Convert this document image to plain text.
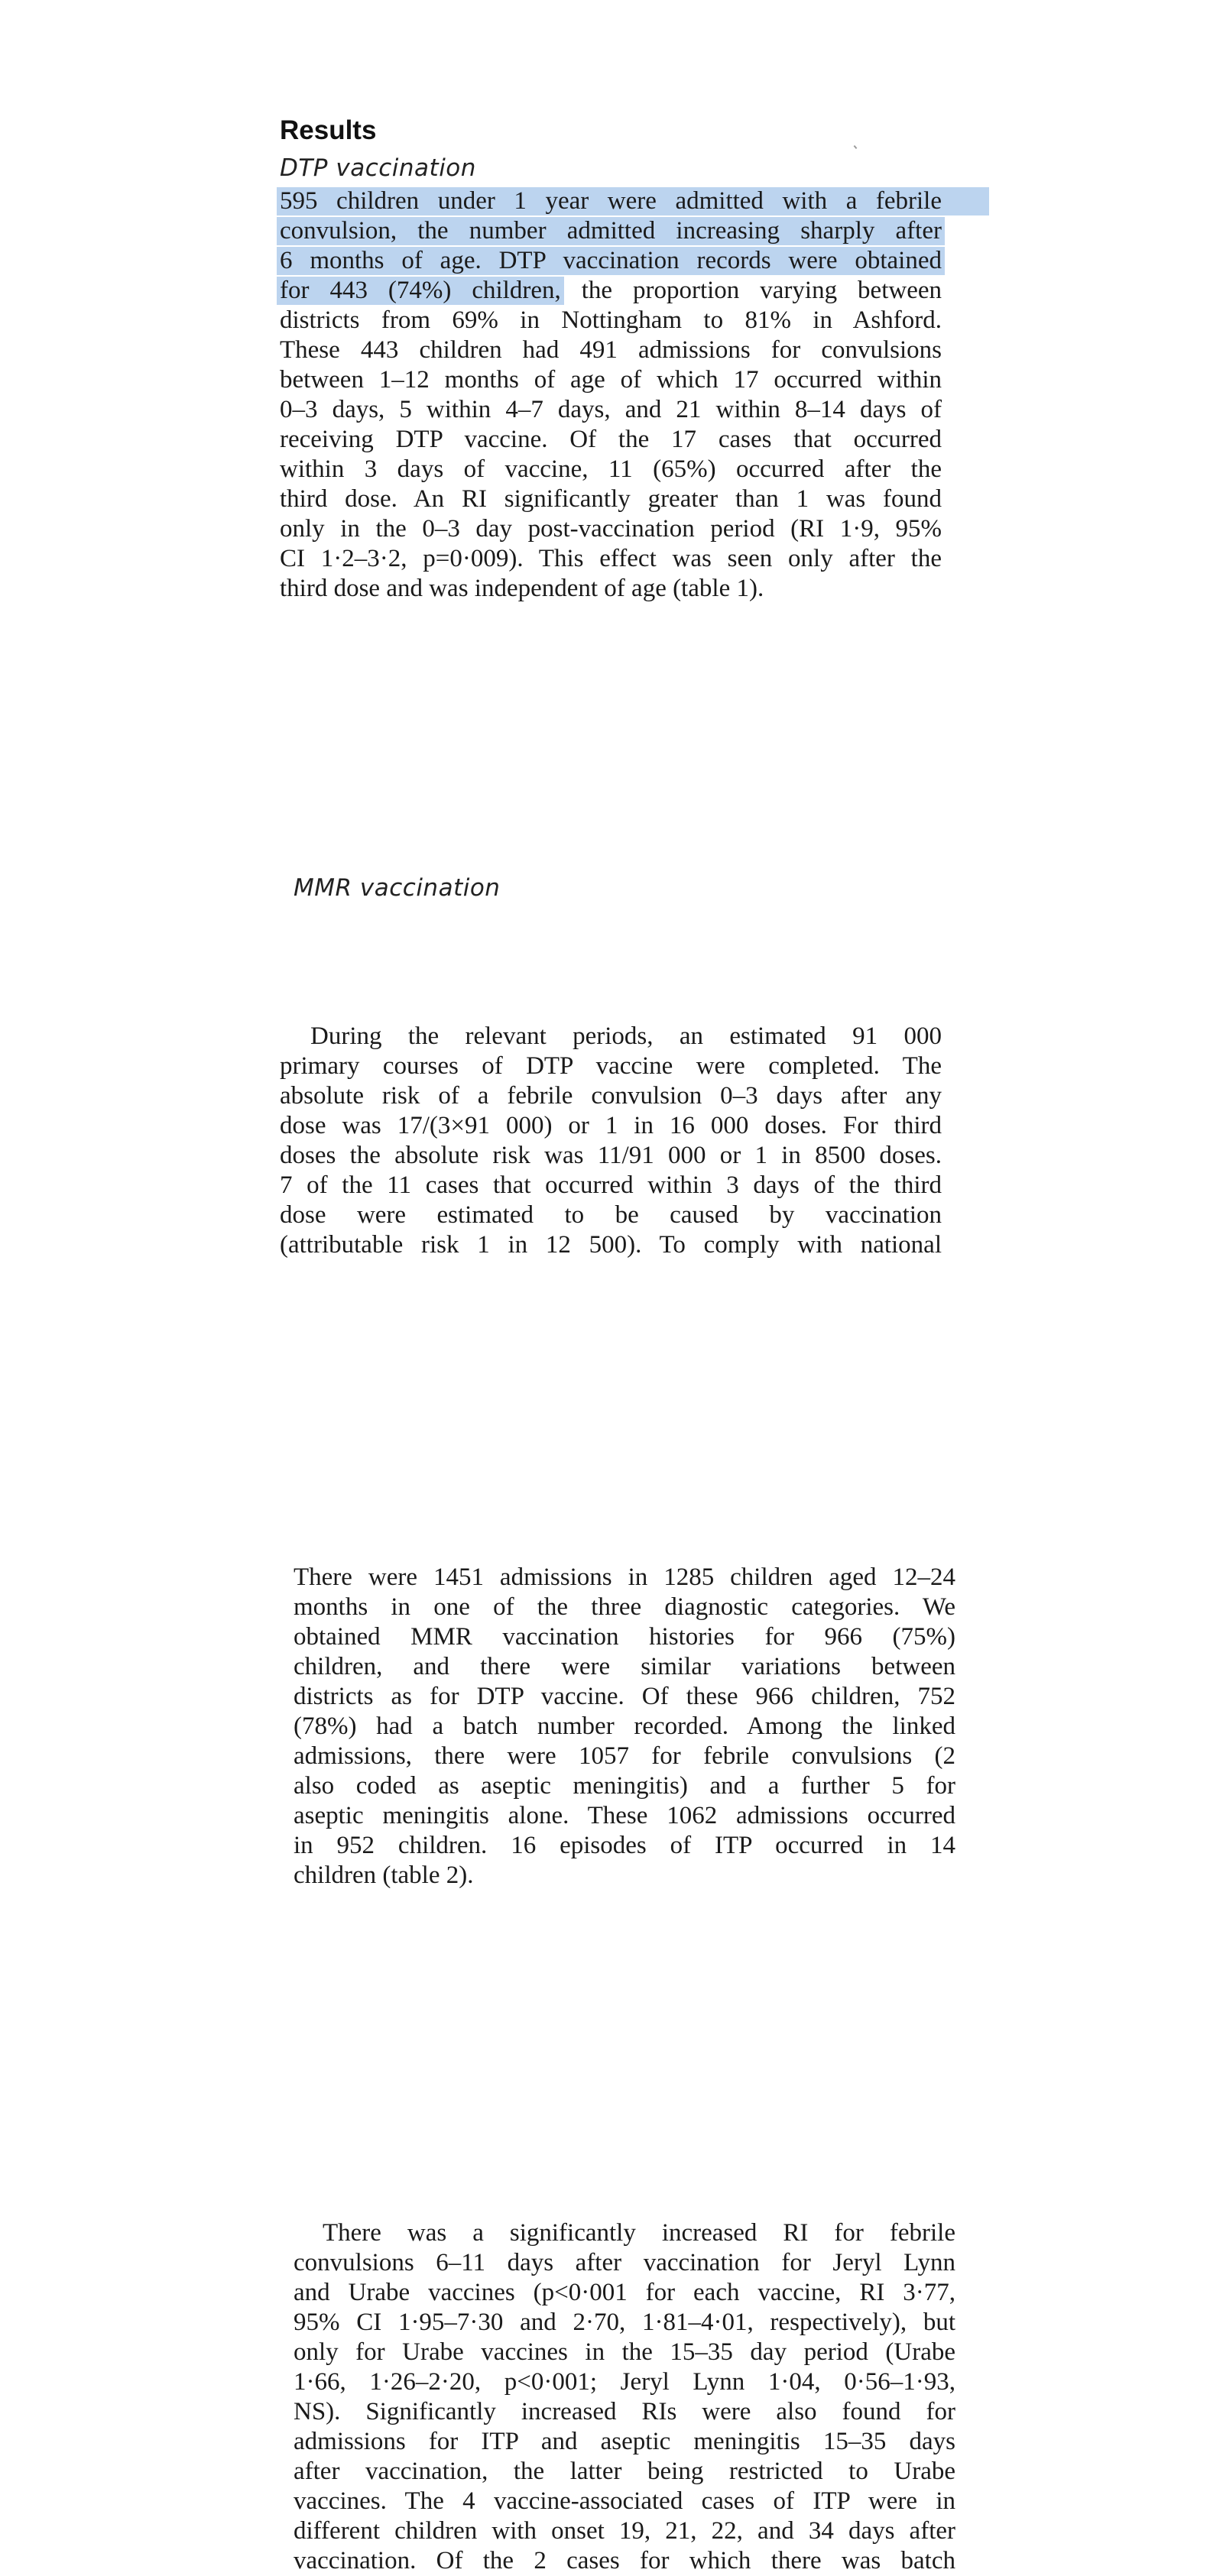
Results
DTP vaccination
595 children under 1 year were admitted with a febrile
convulsion, the number admitted increasing sharply after
6 months of age. DTP vaccination records were obtained
for 443 (74%) children, the proportion varying between
districts from 69% in Nottingham to 81% in Ashford.
These 443 children had 491 admissions for convulsions
between 1–12 months of age of which 17 occurred within
0–3 days, 5 within 4–7 days, and 21 within 8–14 days of
receiving DTP vaccine. Of the 17 cases that occurred
within 3 days of vaccine, 11 (65%) occurred after the
third dose. An RI significantly greater than 1 was found
only in the 0–3 day post-vaccination period (RI 1·9, 95%
CI 1·2–3·2, p=0·009). This effect was seen only after the
third dose and was independent of age (table 1).
During the relevant periods, an estimated 91 000
primary courses of DTP vaccine were completed. The
absolute risk of a febrile convulsion 0–3 days after any
dose was 17/(3×91 000) or 1 in 16 000 doses. For third
doses the absolute risk was 11/91 000 or 1 in 8500 doses.
7 of the 11 cases that occurred within 3 days of the third
dose were estimated to be caused by vaccination
(attributable risk 1 in 12 500). To comply with national
MMR vaccination
There were 1451 admissions in 1285 children aged 12–24
months in one of the three diagnostic categories. We
obtained MMR vaccination histories for 966 (75%)
children, and there were similar variations between
districts as for DTP vaccine. Of these 966 children, 752
(78%) had a batch number recorded. Among the linked
admissions, there were 1057 for febrile convulsions (2
also coded as aseptic meningitis) and a further 5 for
aseptic meningitis alone. These 1062 admissions occurred
in 952 children. 16 episodes of ITP occurred in 14
children (table 2).
There was a significantly increased RI for febrile
convulsions 6–11 days after vaccination for Jeryl Lynn
and Urabe vaccines (p<0·001 for each vaccine, RI 3·77,
95% CI 1·95–7·30 and 2·70, 1·81–4·01, respectively), but
only for Urabe vaccines in the 15–35 day period (Urabe
1·66, 1·26–2·20, p<0·001; Jeryl Lynn 1·04, 0·56–1·93,
NS). Significantly increased RIs were also found for
admissions for ITP and aseptic meningitis 15–35 days
after vaccination, the latter being restricted to Urabe
vaccines. The 4 vaccine-associated cases of ITP were in
different children with onset 19, 21, 22, and 34 days after
vaccination. Of the 2 cases for which there was batch
